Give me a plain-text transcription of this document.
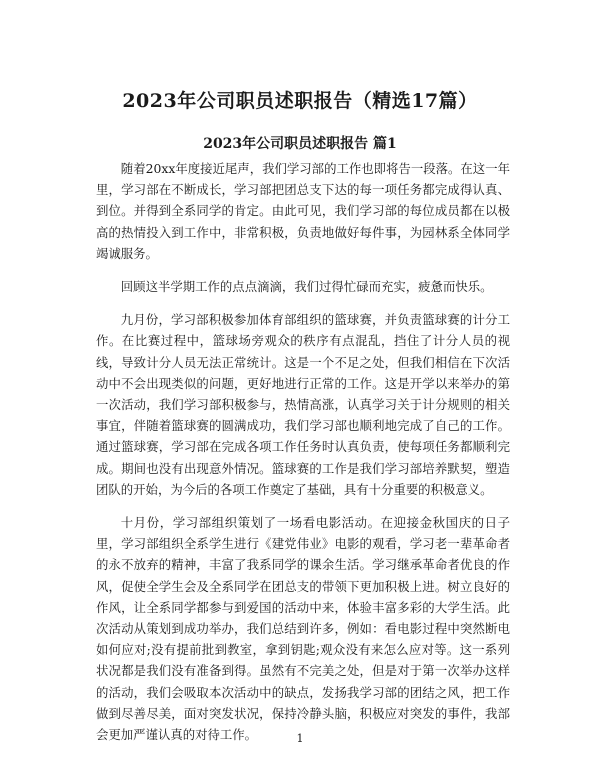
2023年公司职员述职报告（精选17篇）
2023年公司职员述职报告 篇1

随着20xx年度接近尾声，我们学习部的工作也即将告一段落。在这一年里，学习部在不断成长，学习部把团总支下达的每一项任务都完成得认真、到位。并得到全系同学的肯定。由此可见，我们学习部的每位成员都在以极高的热情投入到工作中，非常积极，负责地做好每件事，为园林系全体同学竭诚服务。

回顾这半学期工作的点点滴滴，我们过得忙碌而充实，疲惫而快乐。

九月份，学习部积极参加体育部组织的篮球赛，并负责篮球赛的计分工作。在比赛过程中，篮球场旁观众的秩序有点混乱，挡住了计分人员的视线，导致计分人员无法正常统计。这是一个不足之处，但我们相信在下次活动中不会出现类似的问题，更好地进行正常的工作。这是开学以来举办的第一次活动，我们学习部积极参与，热情高涨，认真学习关于计分规则的相关事宜，伴随着篮球赛的圆满成功，我们学习部也顺利地完成了自己的工作。通过篮球赛，学习部在完成各项工作任务时认真负责，使每项任务都顺利完成。期间也没有出现意外情况。篮球赛的工作是我们学习部培养默契，塑造团队的开始，为今后的各项工作奠定了基础，具有十分重要的积极意义。

十月份，学习部组织策划了一场看电影活动。在迎接金秋国庆的日子里，学习部组织全系学生进行《建党伟业》电影的观看，学习老一辈革命者的永不放弃的精神，丰富了我系同学的课余生活。学习继承革命者优良的作风，促使全学生会及全系同学在团总支的带领下更加积极上进。树立良好的作风，让全系同学都参与到爱国的活动中来，体验丰富多彩的大学生活。此次活动从策划到成功举办，我们总结到许多，例如：看电影过程中突然断电如何应对;没有提前批到教室，拿到钥匙;观众没有来怎么应对等。这一系列状况都是我们没有准备到得。虽然有不完美之处，但是对于第一次举办这样的活动，我们会吸取本次活动中的缺点，发扬我学习部的团结之风，把工作做到尽善尽美，面对突发状况，保持冷静头脑，积极应对突发的事件，我部会更加严谨认真的对待工作。	1
